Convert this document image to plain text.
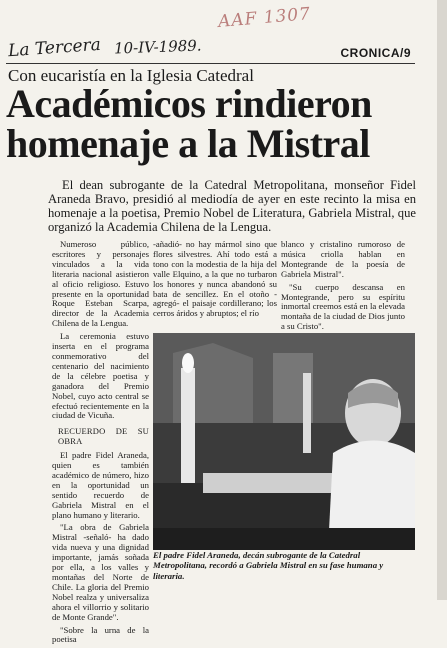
La Tercera 10-IV-1989.
AAF 1307
CRONICA/9
Con eucaristía en la Iglesia Catedral
Académicos rindieron homenaje a la Mistral
El dean subrogante de la Catedral Metropolitana, monseñor Fidel Araneda Bravo, presidió al mediodía de ayer en este recinto la misa en homenaje a la poetisa, Premio Nobel de Literatura, Gabriela Mistral, que organizó la Academia Chilena de la Lengua.

Numeroso público, escritores y personajes vinculados a la vida literaria nacional asistieron al oficio religioso. Estuvo presente en la oportunidad Roque Esteban Scarpa, director de la Academia Chilena de la Lengua.

La ceremonia estuvo inserta en el programa conmemorativo del centenario del nacimiento de la célebre poetisa y ganadora del Premio Nobel, cuyo acto central se efectuó recientemente en la ciudad de Vicuña.

RECUERDO DE SU OBRA

El padre Fidel Araneda, quien es también académico de número, hizo en la oportunidad un sentido recuerdo de Gabriela Mistral en el plano humano y literario.

"La obra de Gabriela Mistral -señaló- ha dado vida nueva y una dignidad importante, jamás soñada por ella, a los valles y montañas del Norte de Chile. La gloria del Premio Nobel realza y universaliza ahora el villorrio y solitario de Monte Grande".

"Sobre la urna de la poetisa

-añadió- no hay mármol sino que flores silvestres. Ahí todo está a tono con la modestia de la hija del valle Elquino, a la que no turbaron los honores y nunca abandonó su bata de sencillez. En el otoño -agregó- el paisaje cordillerano; los cerros áridos y abruptos; el río

blanco y cristalino rumoroso de música criolla hablan en Montegrande de la poesía de Gabriela Mistral".

"Su cuerpo descansa en Montegrande, pero su espíritu inmortal creemos está en la elevada montaña de la ciudad de Dios junto a su Cristo".

El padre Fidel Araneda, decán subrogante de la Catedral Metropolitana, recordó a Gabriela Mistral en su fase humana y literaria.
